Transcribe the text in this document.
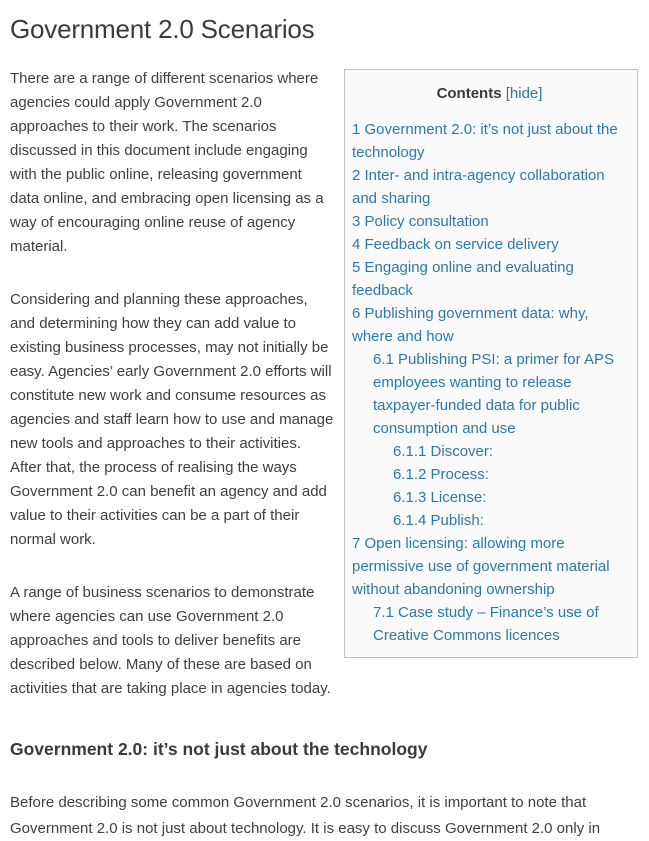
Government 2.0 Scenarios
Contents [hide]
1 Government 2.0: it’s not just about the technology
2 Inter- and intra-agency collaboration and sharing
3 Policy consultation
4 Feedback on service delivery
5 Engaging online and evaluating feedback
6 Publishing government data: why, where and how
6.1 Publishing PSI: a primer for APS employees wanting to release taxpayer-funded data for public consumption and use
6.1.1 Discover:
6.1.2 Process:
6.1.3 License:
6.1.4 Publish:
7 Open licensing: allowing more permissive use of government material without abandoning ownership
7.1 Case study – Finance’s use of Creative Commons licences

There are a range of different scenarios where agencies could apply Government 2.0 approaches to their work. The scenarios discussed in this document include engaging with the public online, releasing government data online, and embracing open licensing as a way of encouraging online reuse of agency material.

Considering and planning these approaches, and determining how they can add value to existing business processes, may not initially be easy. Agencies’ early Government 2.0 efforts will constitute new work and consume resources as agencies and staff learn how to use and manage new tools and approaches to their activities. After that, the process of realising the ways Government 2.0 can benefit an agency and add value to their activities can be a part of their normal work.

A range of business scenarios to demonstrate where agencies can use Government 2.0 approaches and tools to deliver benefits are described below. Many of these are based on activities that are taking place in agencies today.

Government 2.0: it’s not just about the technology

Before describing some common Government 2.0 scenarios, it is important to note that Government 2.0 is not just about technology. It is easy to discuss Government 2.0 only in
